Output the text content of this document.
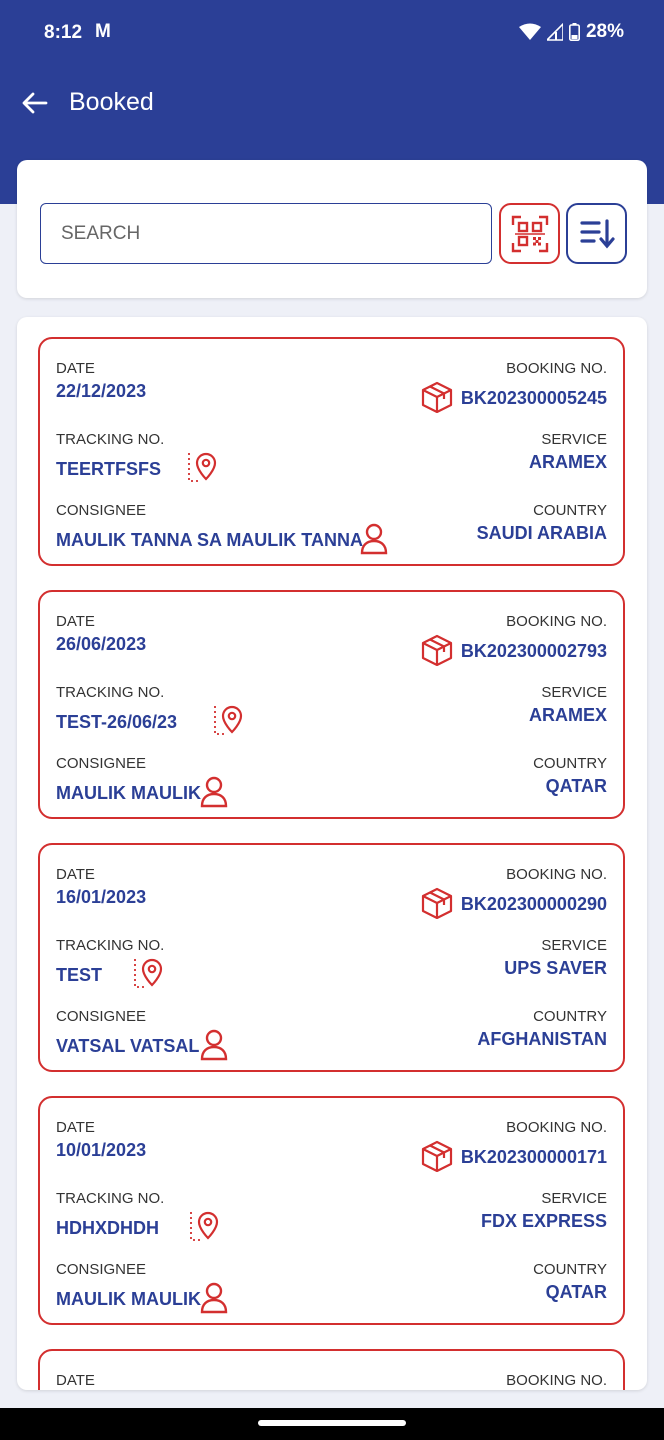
8:12 M	28%
Booked
SEARCH
DATE	BOOKING NO.
22/12/2023	BK202300005245
TRACKING NO.	SERVICE
TEERTFSFS	ARAMEX
CONSIGNEE	COUNTRY
MAULIK TANNA SA MAULIK TANNA	SAUDI ARABIA
DATE	BOOKING NO.
26/06/2023	BK202300002793
TRACKING NO.	SERVICE
TEST-26/06/23	ARAMEX
CONSIGNEE	COUNTRY
MAULIK MAULIK	QATAR
DATE	BOOKING NO.
16/01/2023	BK202300000290
TRACKING NO.	SERVICE
TEST	UPS SAVER
CONSIGNEE	COUNTRY
VATSAL VATSAL	AFGHANISTAN
DATE	BOOKING NO.
10/01/2023	BK202300000171
TRACKING NO.	SERVICE
HDHXDHDH	FDX EXPRESS
CONSIGNEE	COUNTRY
MAULIK MAULIK	QATAR
DATE	BOOKING NO.
